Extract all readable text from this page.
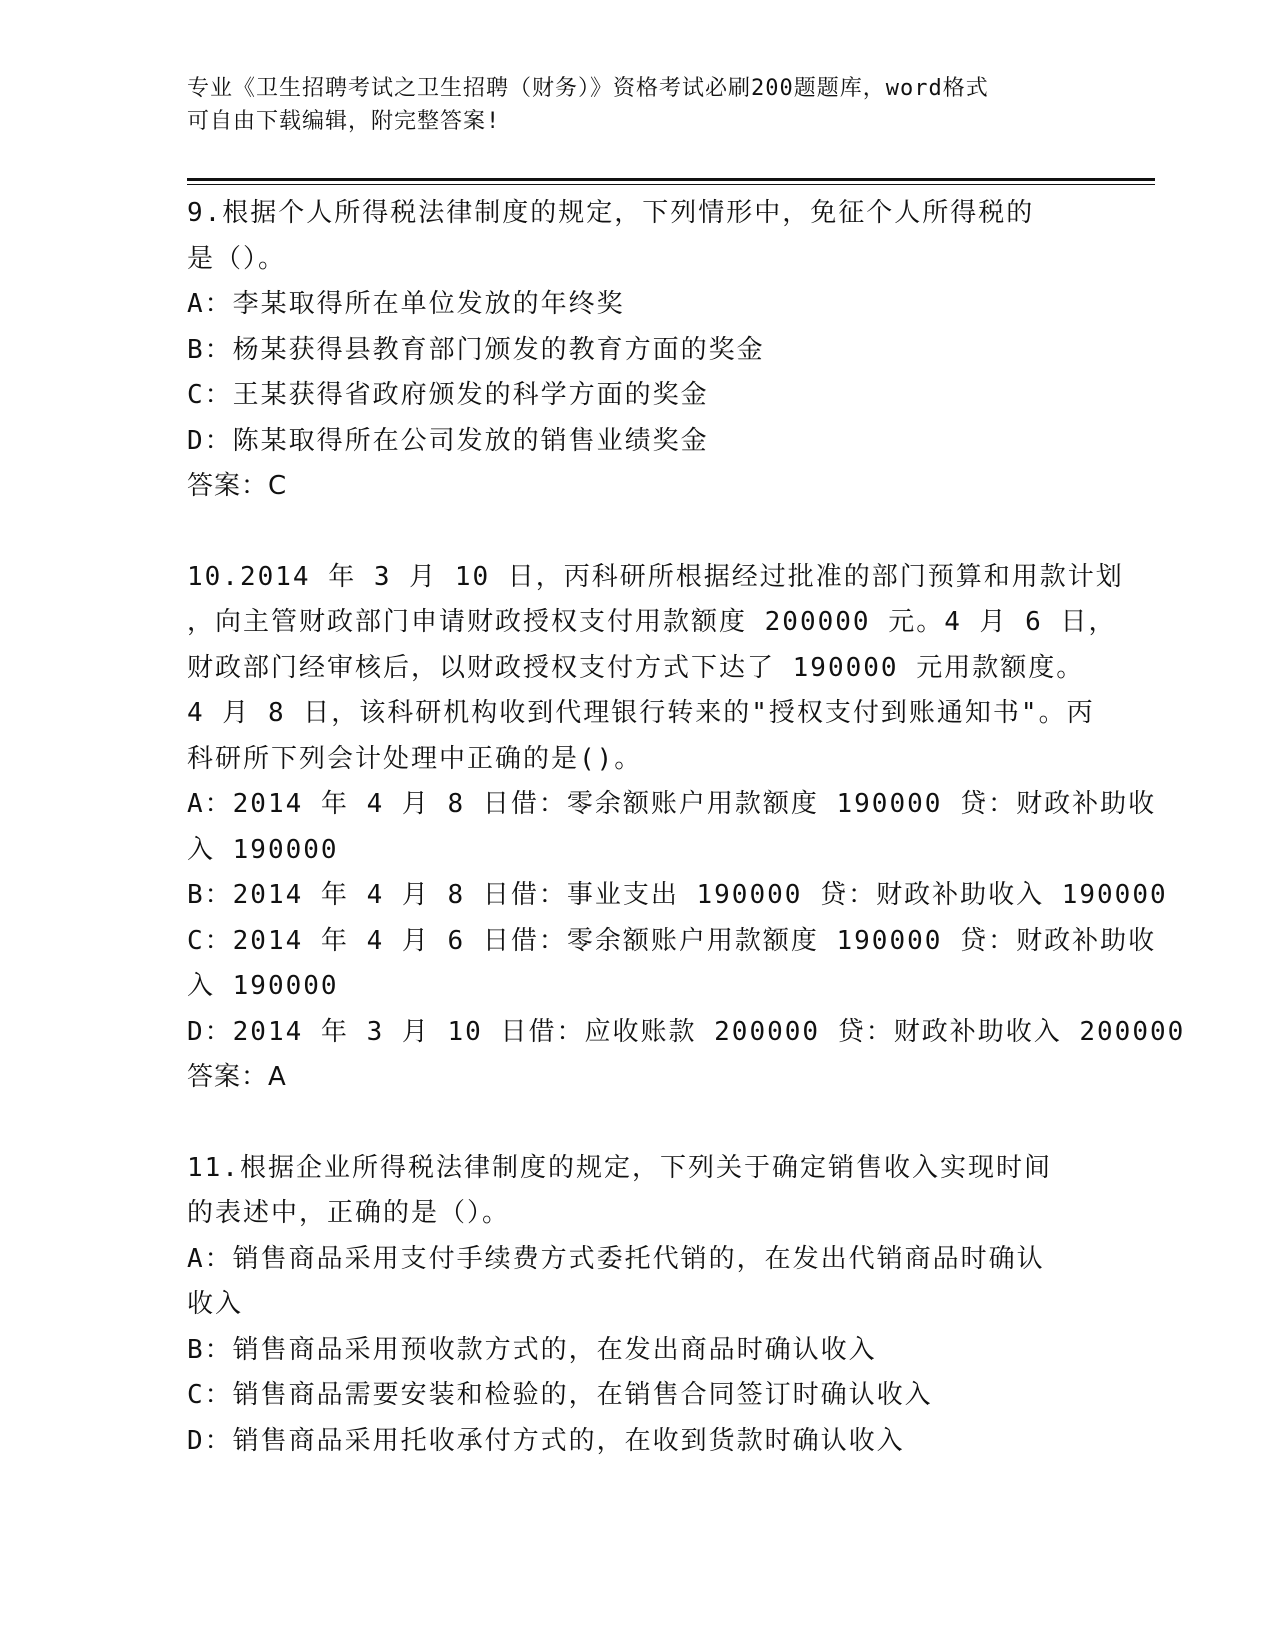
专业《卫生招聘考试之卫生招聘（财务）》资格考试必刷200题题库，word格式
可自由下载编辑，附完整答案!
9.根据个人所得税法律制度的规定，下列情形中，免征个人所得税的
是（）。
A：李某取得所在单位发放的年终奖
B：杨某获得县教育部门颁发的教育方面的奖金
C：王某获得省政府颁发的科学方面的奖金
D：陈某取得所在公司发放的销售业绩奖金
答案：C
10.2014 年 3 月 10 日，丙科研所根据经过批准的部门预算和用款计划
，向主管财政部门申请财政授权支付用款额度 200000 元。4 月 6 日，
财政部门经审核后，以财政授权支付方式下达了 190000 元用款额度。
4 月 8 日，该科研机构收到代理银行转来的"授权支付到账通知书"。丙
科研所下列会计处理中正确的是()。
A：2014 年 4 月 8 日借：零余额账户用款额度 190000 贷：财政补助收
入 190000
B：2014 年 4 月 8 日借：事业支出 190000 贷：财政补助收入 190000
C：2014 年 4 月 6 日借：零余额账户用款额度 190000 贷：财政补助收
入 190000
D：2014 年 3 月 10 日借：应收账款 200000 贷：财政补助收入 200000
答案：A
11.根据企业所得税法律制度的规定，下列关于确定销售收入实现时间
的表述中，正确的是（）。
A：销售商品采用支付手续费方式委托代销的，在发出代销商品时确认
收入
B：销售商品采用预收款方式的，在发出商品时确认收入
C：销售商品需要安装和检验的，在销售合同签订时确认收入
D：销售商品采用托收承付方式的，在收到货款时确认收入
